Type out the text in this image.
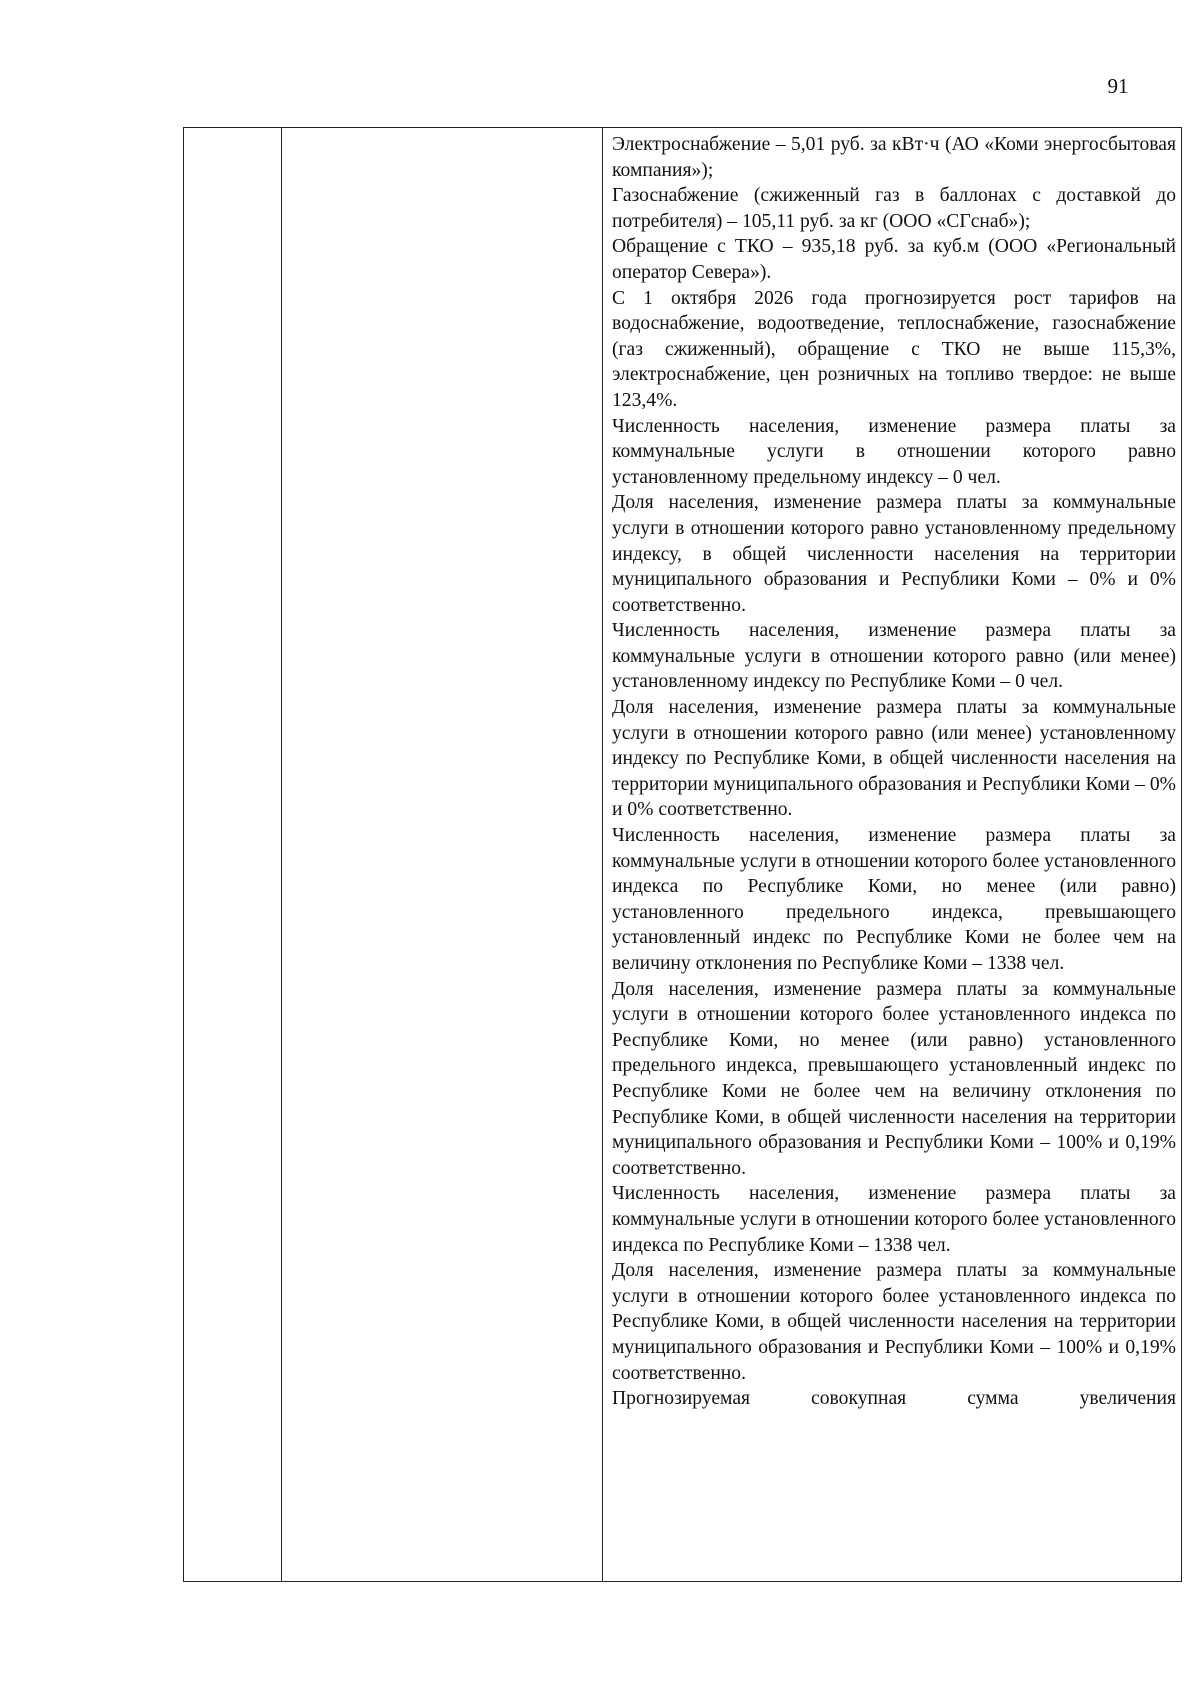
91

Электроснабжение – 5,01 руб. за кВт·ч (АО «Коми энергосбытовая компания»);

Газоснабжение (сжиженный газ в баллонах с доставкой до потребителя) – 105,11 руб. за кг (ООО «СГснаб»);

Обращение с ТКО – 935,18 руб. за куб.м (ООО «Региональный оператор Севера»).

С 1 октября 2026 года прогнозируется рост тарифов на водоснабжение, водоотведение, теплоснабжение, газоснабжение (газ сжиженный), обращение с ТКО не выше 115,3%, электроснабжение, цен розничных на топливо твердое: не выше 123,4%.

Численность населения, изменение размера платы за коммунальные услуги в отношении которого равно установленному предельному индексу – 0 чел.

Доля населения, изменение размера платы за коммунальные услуги в отношении которого равно установленному предельному индексу, в общей численности населения на территории муниципального образования и Республики Коми – 0% и 0% соответственно.

Численность населения, изменение размера платы за коммунальные услуги в отношении которого равно (или менее) установленному индексу по Республике Коми – 0 чел.

Доля населения, изменение размера платы за коммунальные услуги в отношении которого равно (или менее) установленному индексу по Республике Коми, в общей численности населения на территории муниципального образования и Республики Коми – 0% и 0% соответственно.

Численность населения, изменение размера платы за коммунальные услуги в отношении которого более установленного индекса по Республике Коми, но менее (или равно) установленного предельного индекса, превышающего установленный индекс по Республике Коми не более чем на величину отклонения по Республике Коми – 1338 чел.

Доля населения, изменение размера платы за коммунальные услуги в отношении которого более установленного индекса по Республике Коми, но менее (или равно) установленного предельного индекса, превышающего установленный индекс по Республике Коми не более чем на величину отклонения по Республике Коми, в общей численности населения на территории муниципального образования и Республики Коми – 100% и 0,19% соответственно.

Численность населения, изменение размера платы за коммунальные услуги в отношении которого более установленного индекса по Республике Коми – 1338 чел.

Доля населения, изменение размера платы за коммунальные услуги в отношении которого более установленного индекса по Республике Коми, в общей численности населения на территории муниципального образования и Республики Коми – 100% и 0,19% соответственно.

Прогнозируемая совокупная сумма увеличения
